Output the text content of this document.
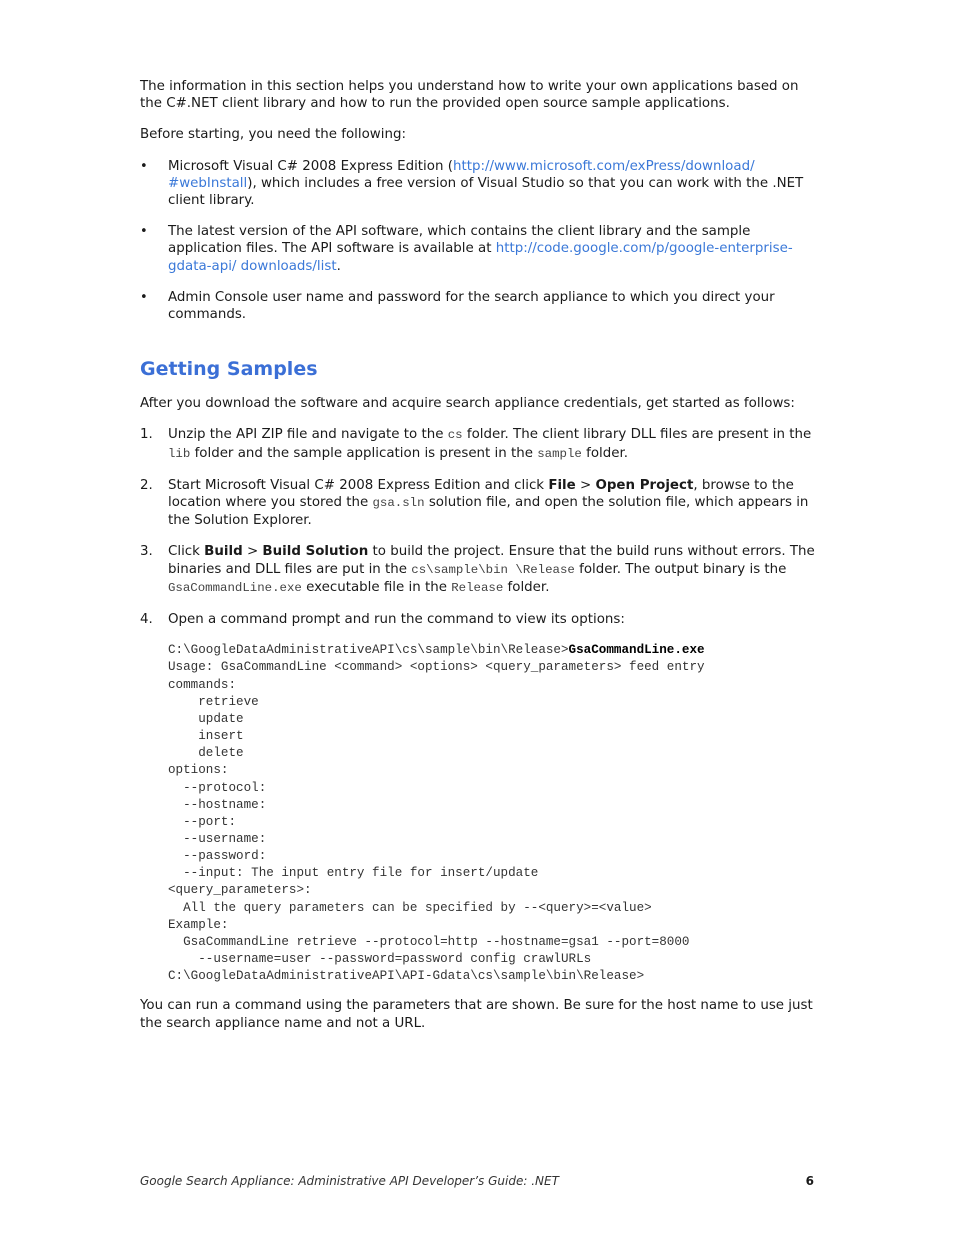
The information in this section helps you understand how to write your own applications based on the C#.NET client library and how to run the provided open source sample applications.

Before starting, you need the following:

• Microsoft Visual C# 2008 Express Edition (http://www.microsoft.com/exPress/download/ #webInstall), which includes a free version of Visual Studio so that you can work with the .NET client library.
• The latest version of the API software, which contains the client library and the sample application files. The API software is available at http://code.google.com/p/google-enterprise-gdata-api/ downloads/list.
• Admin Console user name and password for the search appliance to which you direct your commands.
Getting Samples

After you download the software and acquire search appliance credentials, get started as follows:

1. Unzip the API ZIP file and navigate to the cs folder. The client library DLL files are present in the lib folder and the sample application is present in the sample folder.
2. Start Microsoft Visual C# 2008 Express Edition and click File > Open Project, browse to the location where you stored the gsa.sln solution file, and open the solution file, which appears in the Solution Explorer.
3. Click Build > Build Solution to build the project. Ensure that the build runs without errors. The binaries and DLL files are put in the cs\sample\bin \Release folder. The output binary is the GsaCommandLine.exe executable file in the Release folder.
4. Open a command prompt and run the command to view its options:
C:\GoogleDataAdministrativeAPI\cs\sample\bin\Release>GsaCommandLine.exe
Usage: GsaCommandLine <command> <options> <query_parameters> feed entry
commands:
retrieve
update
insert
delete
options:
--protocol:
--hostname:
--port:
--username:
--password:
--input: The input entry file for insert/update
<query_parameters>:
All the query parameters can be specified by --<query>=<value>
Example:
GsaCommandLine retrieve --protocol=http --hostname=gsa1 --port=8000
--username=user --password=password config crawlURLs
C:\GoogleDataAdministrativeAPI\API-Gdata\cs\sample\bin\Release>

You can run a command using the parameters that are shown. Be sure for the host name to use just the search appliance name and not a URL.

Google Search Appliance: Administrative API Developer’s Guide: .NET	6
